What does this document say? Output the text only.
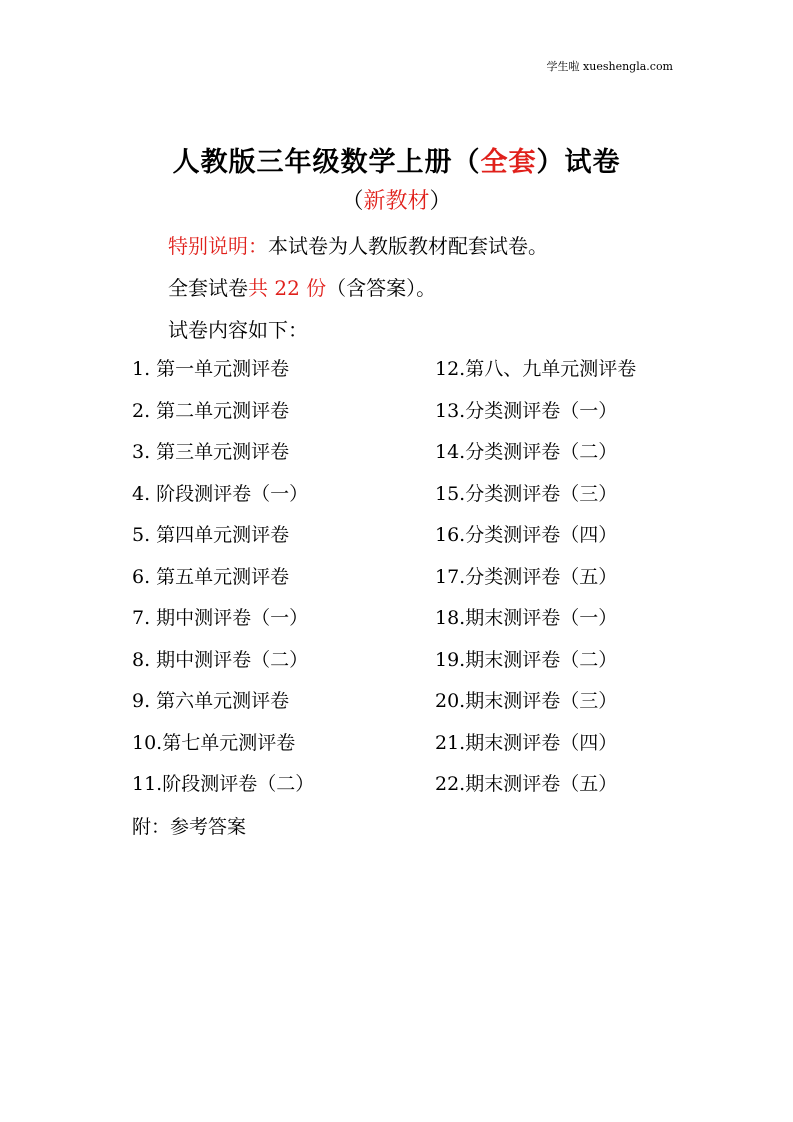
学生啦 xueshengla.com
人教版三年级数学上册（全套）试卷
（新教材）
特别说明：本试卷为人教版教材配套试卷。
全套试卷共 22 份（含答案）。
试卷内容如下：
1. 第一单元测评卷	12.第八、九单元测评卷
2. 第二单元测评卷	13.分类测评卷（一）
3. 第三单元测评卷	14.分类测评卷（二）
4. 阶段测评卷（一）	15.分类测评卷（三）
5. 第四单元测评卷	16.分类测评卷（四）
6. 第五单元测评卷	17.分类测评卷（五）
7. 期中测评卷（一）	18.期末测评卷（一）
8. 期中测评卷（二）	19.期末测评卷（二）
9. 第六单元测评卷	20.期末测评卷（三）
10.第七单元测评卷	21.期末测评卷（四）
11.阶段测评卷（二）	22.期末测评卷（五）
附：参考答案
